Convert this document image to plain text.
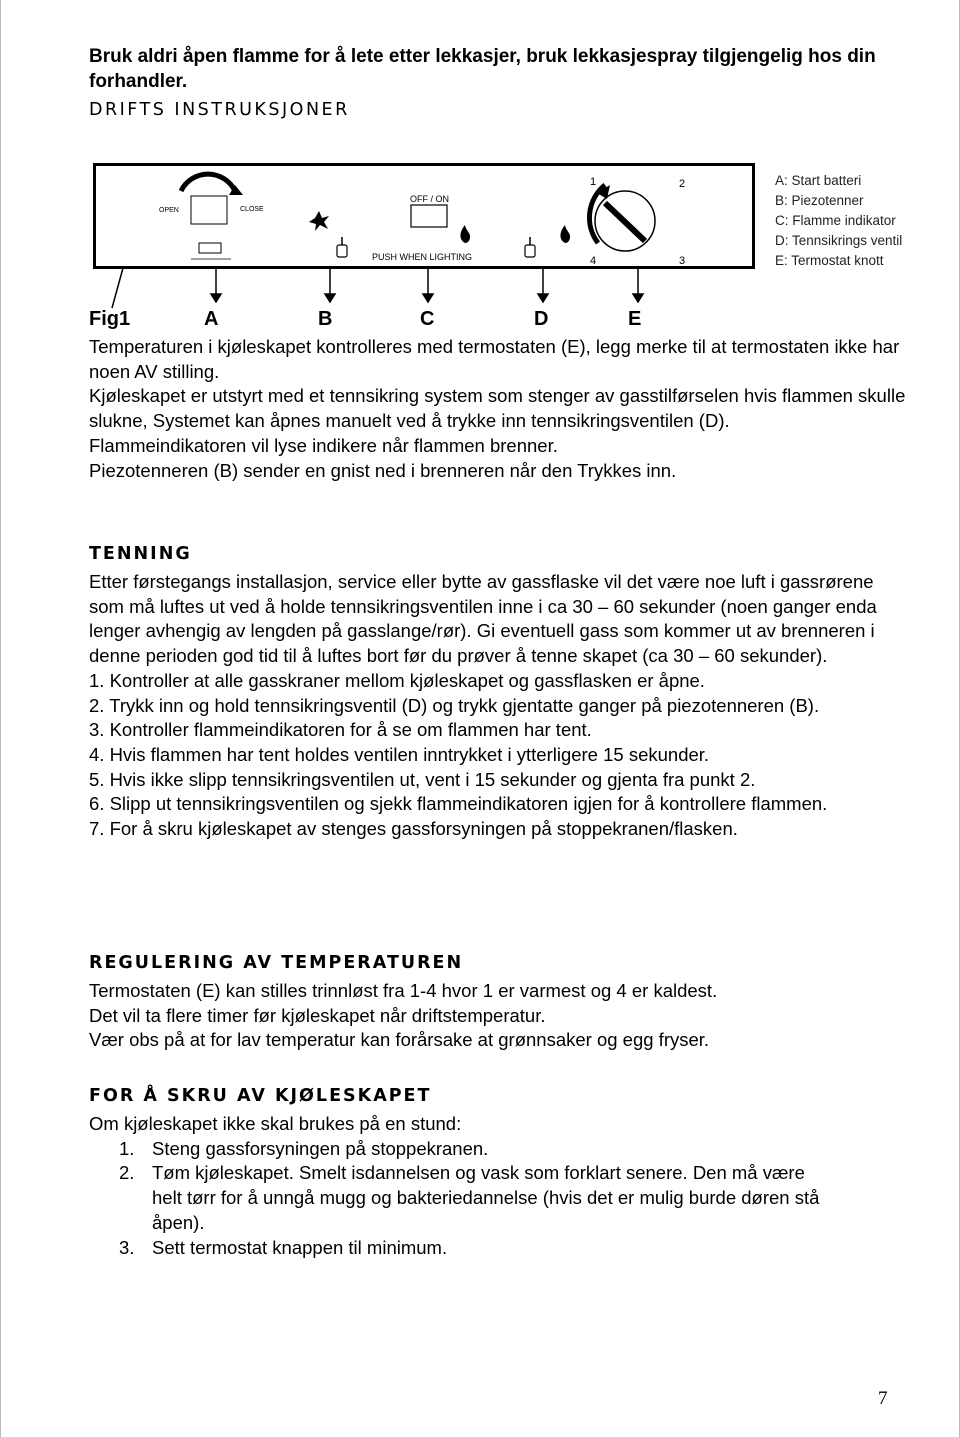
Bruk aldri åpen flamme for å lete etter lekkasjer, bruk lekkasjespray tilgjengelig hos din forhandler.
DRIFTS INSTRUKSJONER
OPEN	CLOSE
OFF / ON
PUSH WHEN LIGHTING
1	2
3
4
A: Start batteri
B: Piezotenner
C: Flamme indikator
D: Tennsikrings ventil
E: Termostat knott
Fig1	A	B	C	D	E

Temperaturen i kjøleskapet kontrolleres med termostaten (E), legg merke til at termostaten ikke har noen AV stilling.

Kjøleskapet er utstyrt med et tennsikring system som stenger av gasstilførselen hvis flammen skulle slukne, Systemet kan åpnes manuelt ved å trykke inn tennsikringsventilen (D).

Flammeindikatoren vil lyse indikere når flammen brenner.

Piezotenneren (B) sender en gnist ned i brenneren når den Trykkes inn.

TENNING

Etter førstegangs installasjon, service eller bytte av gassflaske vil det være noe luft i gassrørene som må luftes ut ved å holde tennsikringsventilen inne i ca 30 – 60 sekunder (noen ganger enda lenger avhengig av lengden på gasslange/rør). Gi eventuell gass som kommer ut av brenneren i denne perioden god tid til å luftes bort før du prøver å tenne skapet (ca 30 – 60 sekunder).

1. Kontroller at alle gasskraner mellom kjøleskapet og gassflasken er åpne.

2. Trykk inn og hold tennsikringsventil (D) og trykk gjentatte ganger på piezotenneren (B).

3. Kontroller flammeindikatoren for å se om flammen har tent.

4. Hvis flammen har tent holdes ventilen inntrykket i ytterligere 15 sekunder.

5. Hvis ikke slipp tennsikringsventilen ut, vent i 15 sekunder og gjenta fra punkt 2.

6. Slipp ut tennsikringsventilen og sjekk flammeindikatoren igjen for å kontrollere flammen.

7. For å skru kjøleskapet av stenges gassforsyningen på stoppekranen/flasken.

REGULERING AV TEMPERATUREN

Termostaten (E) kan stilles trinnløst fra 1-4 hvor 1 er varmest og 4 er kaldest.

Det vil ta flere timer før kjøleskapet når driftstemperatur.

Vær obs på at for lav temperatur kan forårsake at grønnsaker og egg fryser.

FOR Å SKRU AV KJØLESKAPET

Om kjøleskapet ikke skal brukes på en stund:

1. Steng gassforsyningen på stoppekranen.
2. Tøm kjøleskapet. Smelt isdannelsen og vask som forklart senere. Den må være helt tørr for å unngå mugg og bakteriedannelse (hvis det er mulig burde døren stå åpen).
3. Sett termostat knappen til minimum.
7
